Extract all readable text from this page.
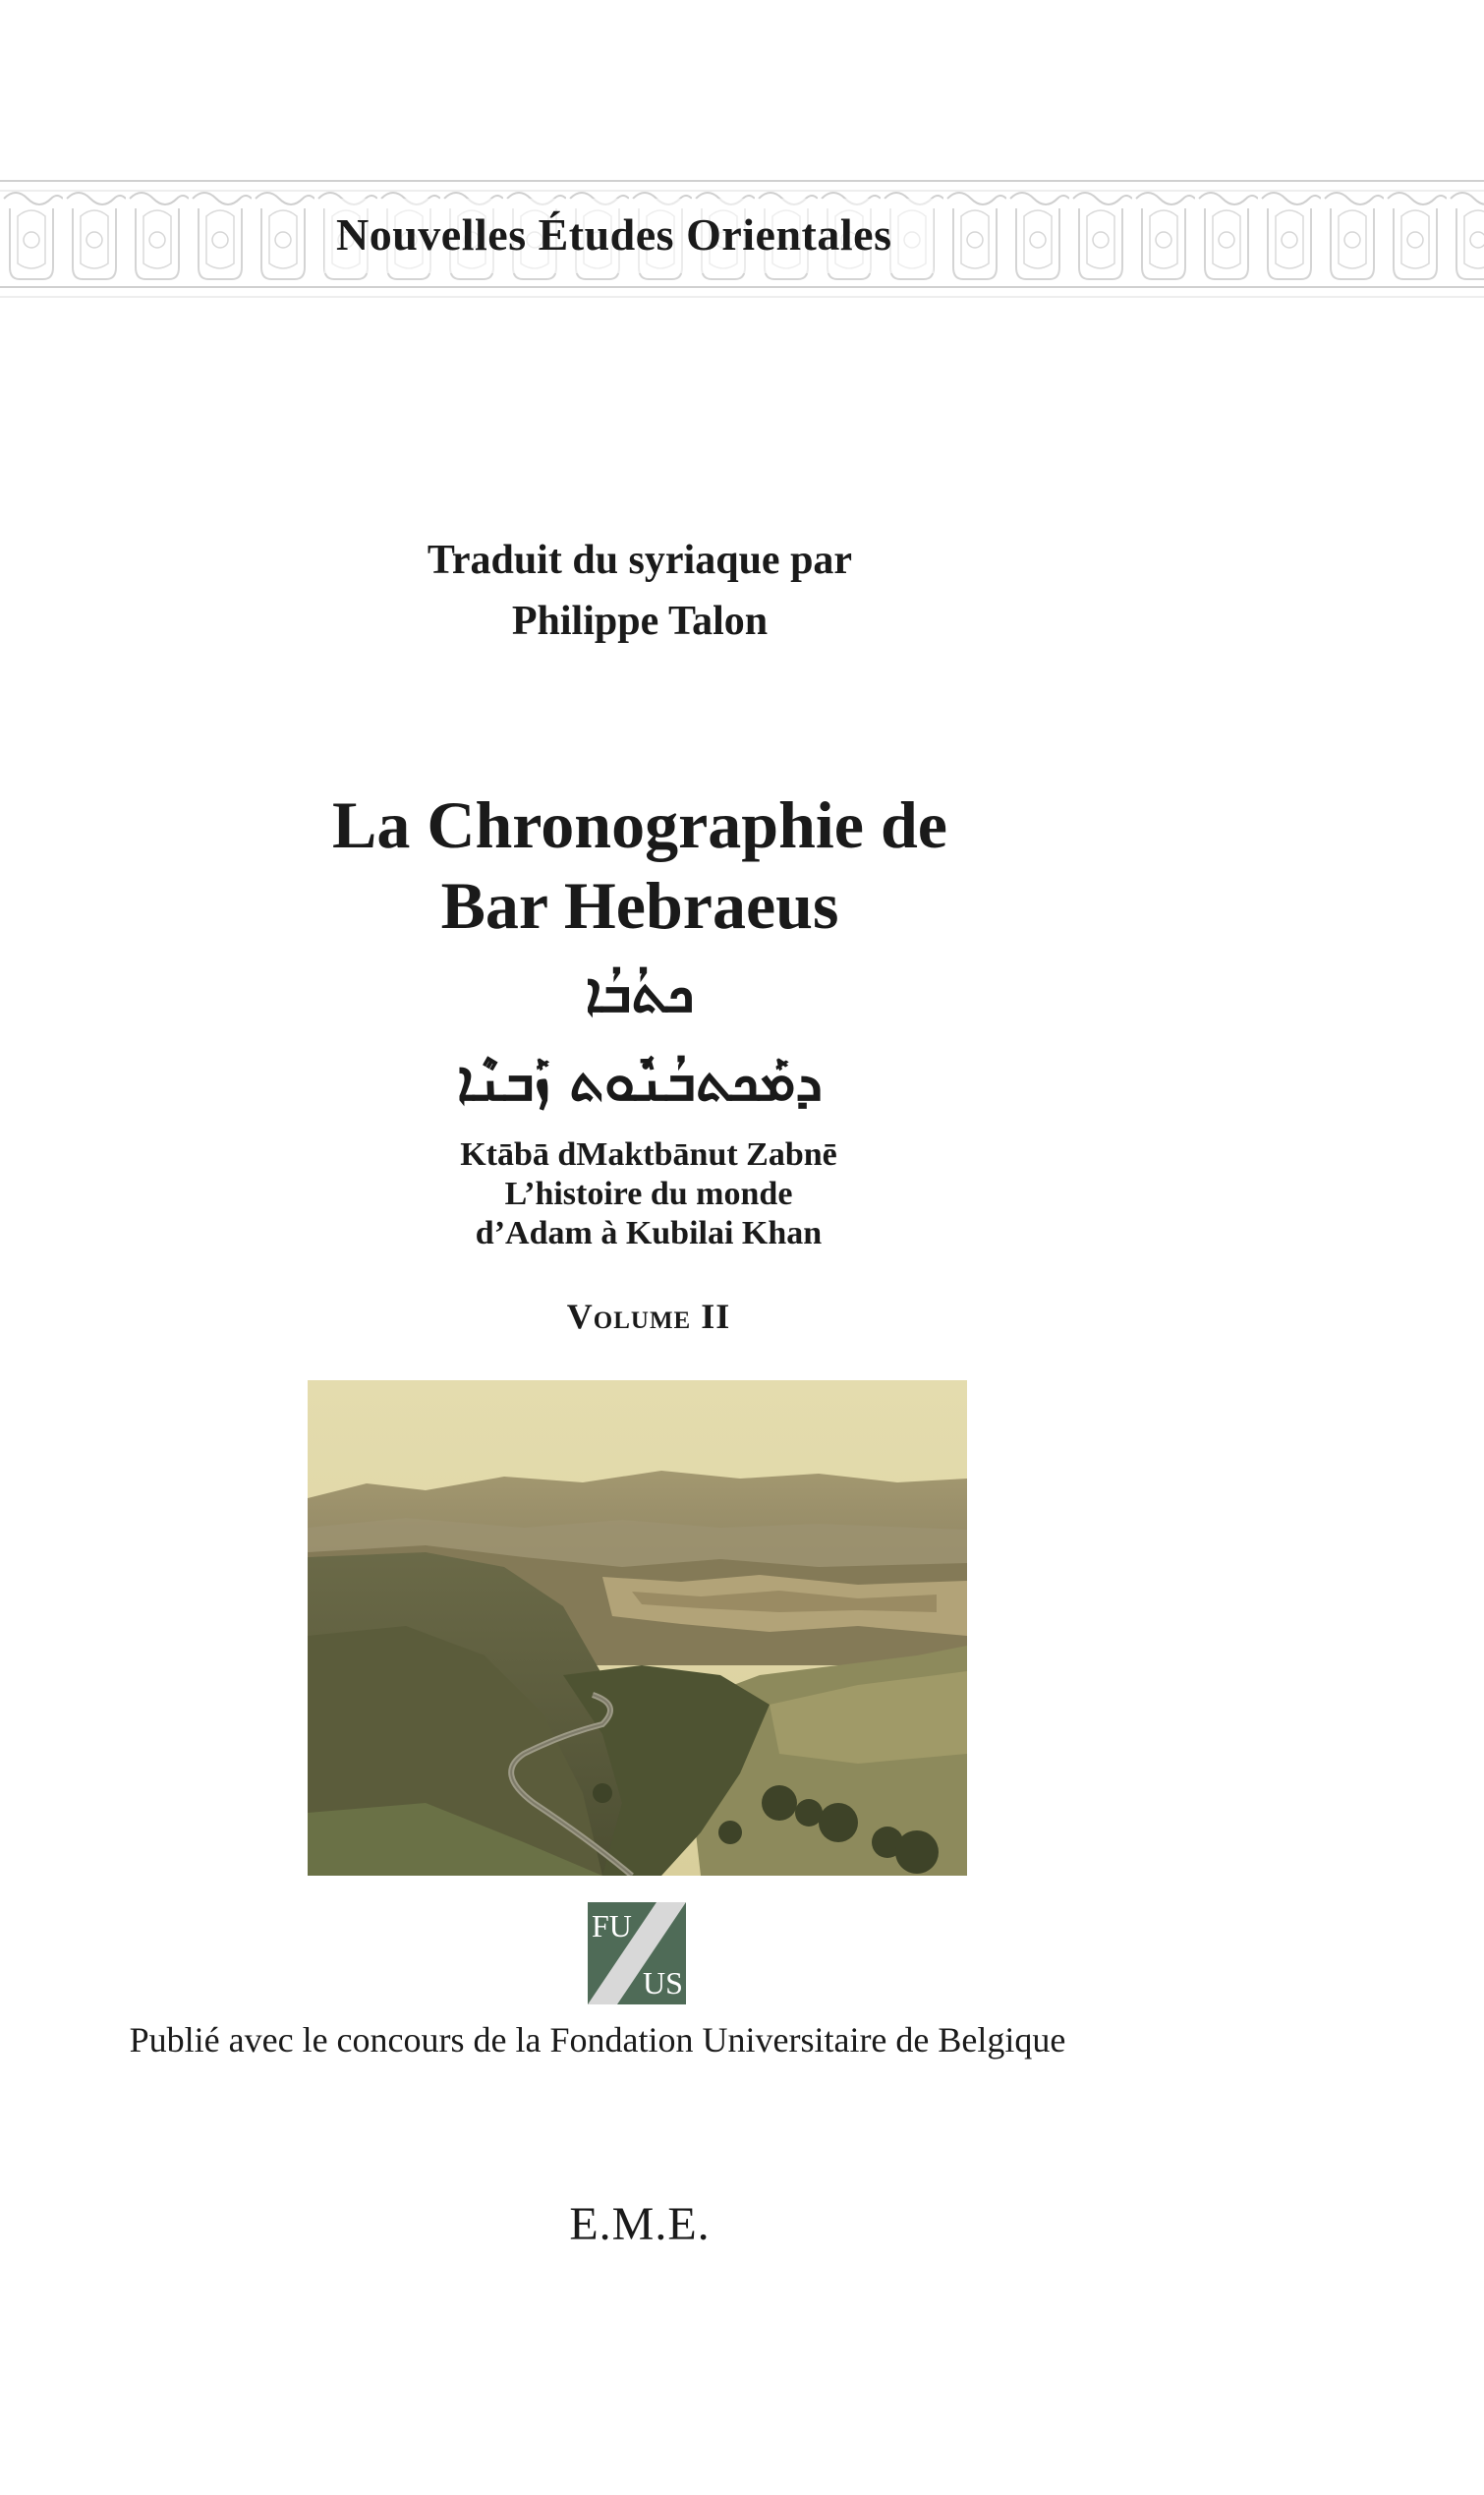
Nouvelles Études Orientales
Traduit du syriaque par
Philippe Talon
La Chronographie de
Bar Hebraeus
ܟܬܳܒܳܐ
ܕܡܰܟܬܒܳܢܽܘܬ ܙܰܒܢܶܐ
Ktābā dMaktbānut Zabnē
L’histoire du monde
d’Adam à Kubilai Khan
Volume II
FU
US
Publié avec le concours de la Fondation Universitaire de Belgique
E.M.E.
